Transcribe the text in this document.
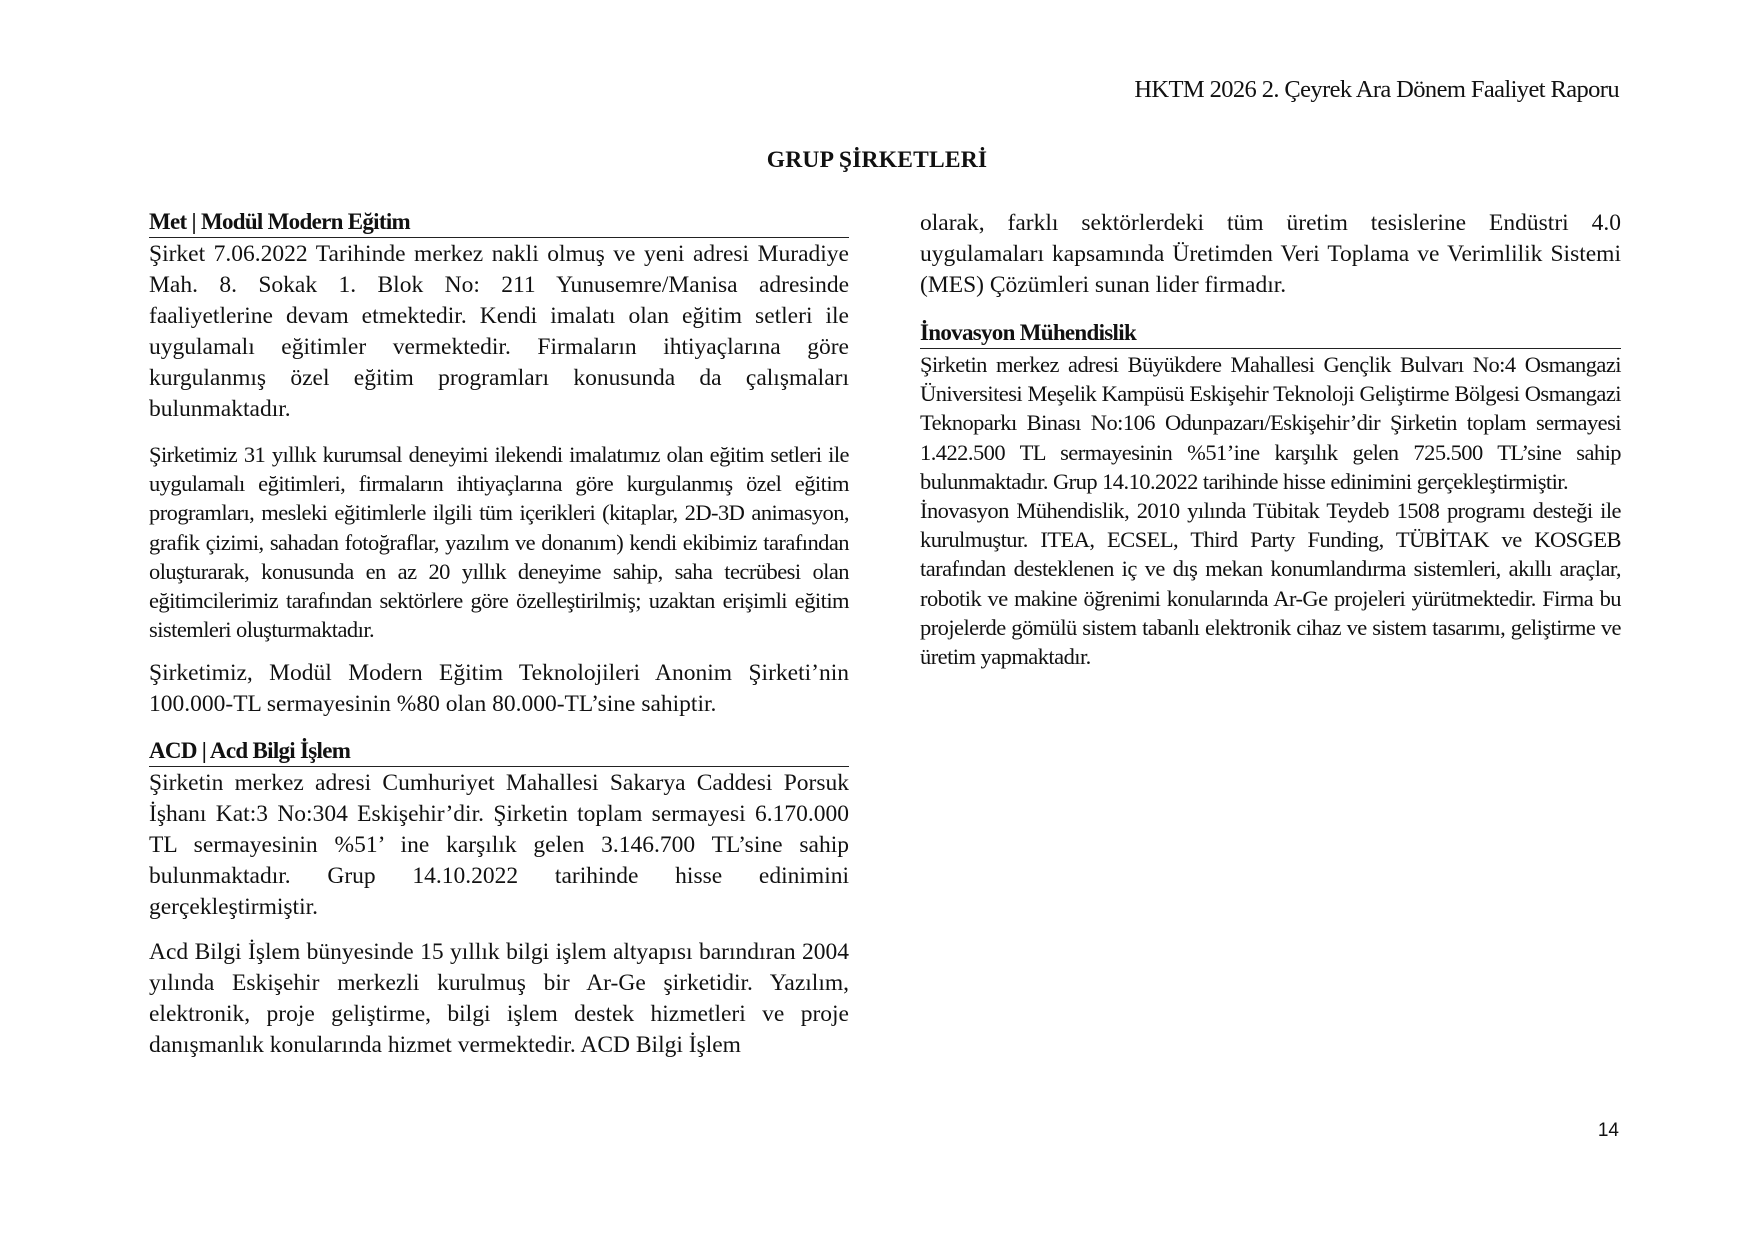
HKTM 2026 2. Çeyrek Ara Dönem Faaliyet Raporu
GRUP ŞİRKETLERİ
Met | Modül Modern Eğitim

Şirket 7.06.2022 Tarihinde merkez nakli olmuş ve yeni adresi Muradiye Mah. 8. Sokak 1. Blok No: 211 Yunusemre/Manisa adresinde faaliyetlerine devam etmektedir. Kendi imalatı olan eğitim setleri ile uygulamalı eğitimler vermektedir. Firmaların ihtiyaçlarına göre kurgulanmış özel eğitim programları konusunda da çalışmaları bulunmaktadır.

Şirketimiz 31 yıllık kurumsal deneyimi ilekendi imalatımız olan eğitim setleri ile uygulamalı eğitimleri, firmaların ihtiyaçlarına göre kurgulanmış özel eğitim programları, mesleki eğitimlerle ilgili tüm içerikleri (kitaplar, 2D-3D animasyon, grafik çizimi, sahadan fotoğraflar, yazılım ve donanım) kendi ekibimiz tarafından oluşturarak, konusunda en az 20 yıllık deneyime sahip, saha tecrübesi olan eğitimcilerimiz tarafından sektörlere göre özelleştirilmiş; uzaktan erişimli eğitim sistemleri oluşturmaktadır.

Şirketimiz, Modül Modern Eğitim Teknolojileri Anonim Şirketi’nin 100.000-TL sermayesinin %80 olan 80.000-TL’sine sahiptir.

ACD | Acd Bilgi İşlem

Şirketin merkez adresi Cumhuriyet Mahallesi Sakarya Caddesi Porsuk İşhanı Kat:3 No:304 Eskişehir’dir. Şirketin toplam sermayesi 6.170.000 TL sermayesinin %51’ ine karşılık gelen 3.146.700 TL’sine sahip bulunmaktadır. Grup 14.10.2022 tarihinde hisse edinimini gerçekleştirmiştir.

Acd Bilgi İşlem bünyesinde 15 yıllık bilgi işlem altyapısı barındıran 2004 yılında Eskişehir merkezli kurulmuş bir Ar-Ge şirketidir. Yazılım, elektronik, proje geliştirme, bilgi işlem destek hizmetleri ve proje danışmanlık konularında hizmet vermektedir. ACD Bilgi İşlem

olarak, farklı sektörlerdeki tüm üretim tesislerine Endüstri 4.0 uygulamaları kapsamında Üretimden Veri Toplama ve Verimlilik Sistemi (MES) Çözümleri sunan lider firmadır.

İnovasyon Mühendislik

Şirketin merkez adresi Büyükdere Mahallesi Gençlik Bulvarı No:4 Osmangazi Üniversitesi Meşelik Kampüsü Eskişehir Teknoloji Geliştirme Bölgesi Osmangazi Teknoparkı Binası No:106 Odunpazarı/Eskişehir’dir Şirketin toplam sermayesi 1.422.500 TL sermayesinin %51’ine karşılık gelen 725.500 TL’sine sahip bulunmaktadır. Grup 14.10.2022 tarihinde hisse edinimini gerçekleştirmiştir.

İnovasyon Mühendislik, 2010 yılında Tübitak Teydeb 1508 programı desteği ile kurulmuştur. ITEA, ECSEL, Third Party Funding, TÜBİTAK ve KOSGEB tarafından desteklenen iç ve dış mekan konumlandırma sistemleri, akıllı araçlar, robotik ve makine öğrenimi konularında Ar-Ge projeleri yürütmektedir. Firma bu projelerde gömülü sistem tabanlı elektronik cihaz ve sistem tasarımı, geliştirme ve üretim yapmaktadır.

14
